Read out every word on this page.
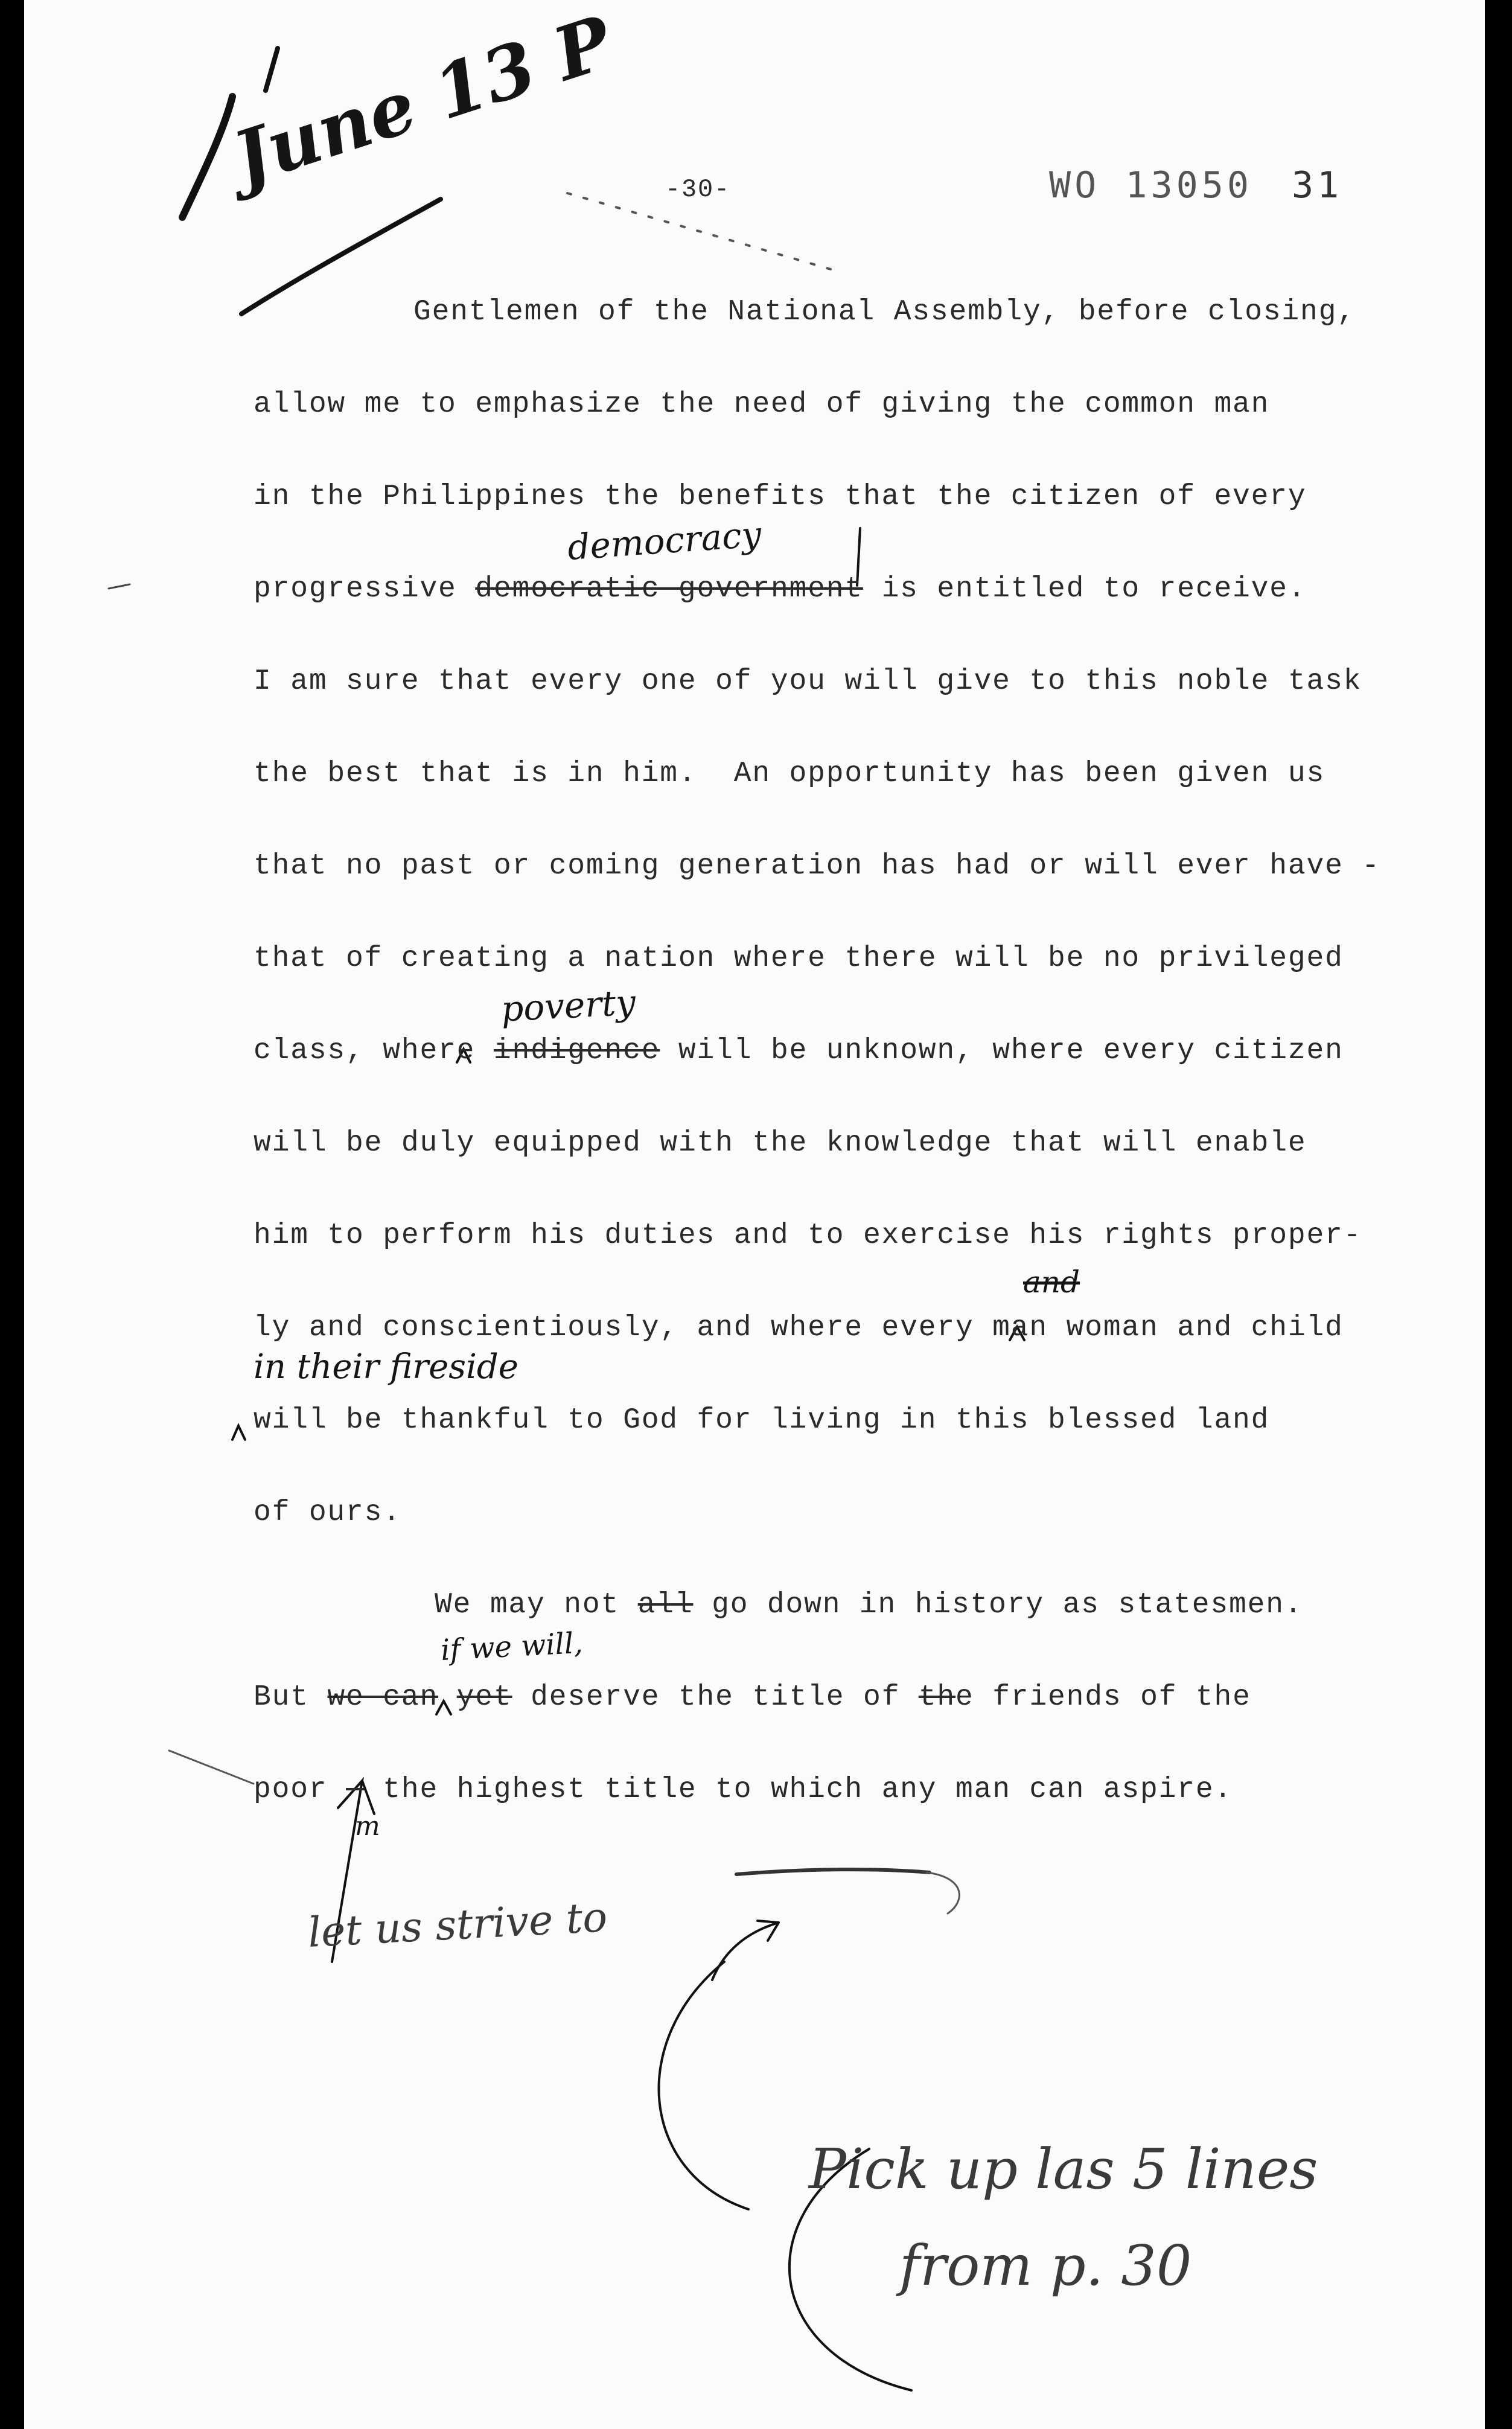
-30-	WO 13050 31

June 13 P

Gentlemen of the National Assembly, before closing,

allow me to emphasize the need of giving the common man

in the Philippines the benefits that the citizen of every

progressive democratic government is entitled to receive.

democracy

I am sure that every one of you will give to this noble task

the best that is in him.  An opportunity has been given us

that no past or coming generation has had or will ever have -

that of creating a nation where there will be no privileged

class, where indigence will be unknown, where every citizen

poverty

will be duly equipped with the knowledge that will enable

him to perform his duties and to exercise his rights proper-

ly and conscientiously, and where every man woman and child

and

in their fireside

will be thankful to God for living in this blessed land

of ours.

We may not all go down in history as statesmen.

But we can yet deserve the title of the friends of the

if we will,

poor - the highest title to which any man can aspire.

m

let us strive to

Pick up las 5 lines

from p. 30
